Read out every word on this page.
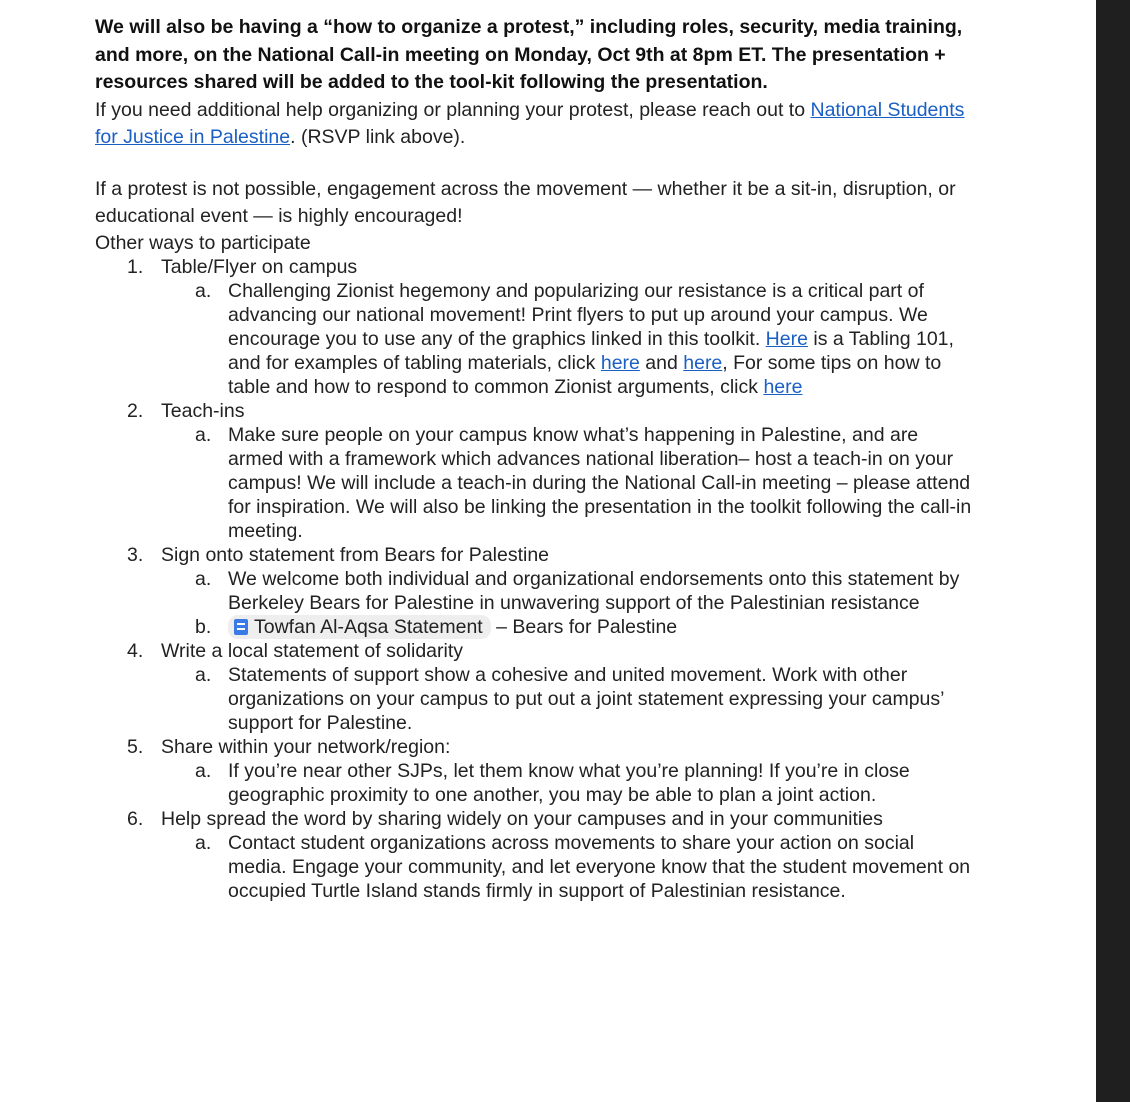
We will also be having a “how to organize a protest,” including roles, security, media training, and more, on the National Call-in meeting on Monday, Oct 9th at 8pm ET. The presentation + resources shared will be added to the tool-kit following the presentation.

If you need additional help organizing or planning your protest, please reach out to National Students for Justice in Palestine. (RSVP link above).

If a protest is not possible, engagement across the movement — whether it be a sit-in, disruption, or educational event — is highly encouraged!

Other ways to participate

1. Table/Flyer on campus
a. Challenging Zionist hegemony and popularizing our resistance is a critical part of advancing our national movement! Print flyers to put up around your campus. We encourage you to use any of the graphics linked in this toolkit. Here is a Tabling 101, and for examples of tabling materials, click here and here, For some tips on how to table and how to respond to common Zionist arguments, click here
2. Teach-ins
a. Make sure people on your campus know what’s happening in Palestine, and are armed with a framework which advances national liberation– host a teach-in on your campus! We will include a teach-in during the National Call-in meeting – please attend for inspiration. We will also be linking the presentation in the toolkit following the call-in meeting.
3. Sign onto statement from Bears for Palestine
a. We welcome both individual and organizational endorsements onto this statement by Berkeley Bears for Palestine in unwavering support of the Palestinian resistance
b. Towfan Al-Aqsa Statement – Bears for Palestine
4. Write a local statement of solidarity
a. Statements of support show a cohesive and united movement. Work with other organizations on your campus to put out a joint statement expressing your campus’ support for Palestine.
5. Share within your network/region:
a. If you’re near other SJPs, let them know what you’re planning! If you’re in close geographic proximity to one another, you may be able to plan a joint action.
6. Help spread the word by sharing widely on your campuses and in your communities
a. Contact student organizations across movements to share your action on social media. Engage your community, and let everyone know that the student movement on occupied Turtle Island stands firmly in support of Palestinian resistance.
